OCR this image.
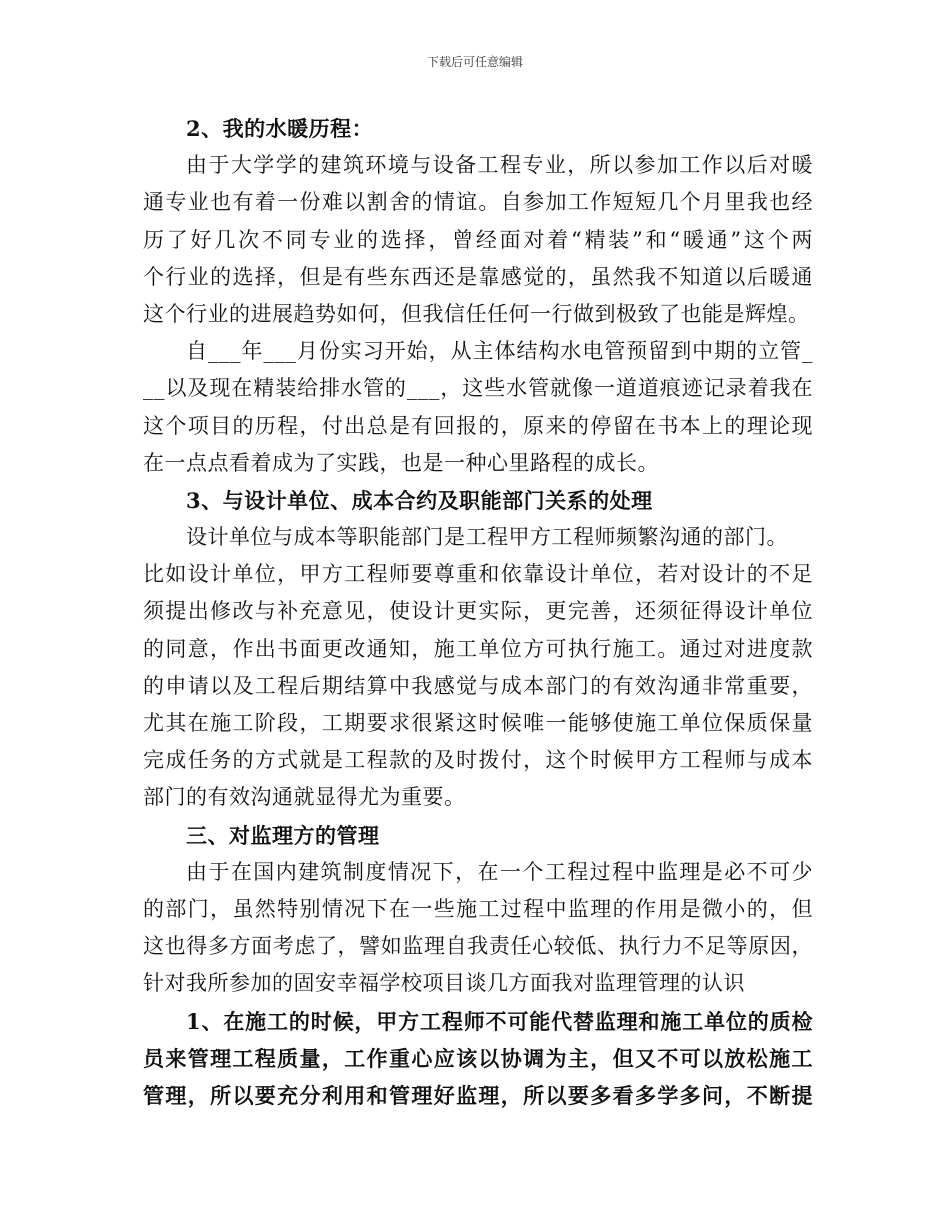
下载后可任意编辑
2、我的水暖历程：
由于大学学的建筑环境与设备工程专业，所以参加工作以后对暖
通专业也有着一份难以割舍的情谊。自参加工作短短几个月里我也经
历了好几次不同专业的选择，曾经面对着“精装”和“暖通”这个两
个行业的选择，但是有些东西还是靠感觉的，虽然我不知道以后暖通
这个行业的进展趋势如何，但我信任任何一行做到极致了也能是辉煌。
自___年___月份实习开始，从主体结构水电管预留到中期的立管_
__以及现在精装给排水管的___，这些水管就像一道道痕迹记录着我在
这个项目的历程，付出总是有回报的，原来的停留在书本上的理论现
在一点点看着成为了实践，也是一种心里路程的成长。
3、与设计单位、成本合约及职能部门关系的处理
设计单位与成本等职能部门是工程甲方工程师频繁沟通的部门。
比如设计单位，甲方工程师要尊重和依靠设计单位，若对设计的不足
须提出修改与补充意见，使设计更实际，更完善，还须征得设计单位
的同意，作出书面更改通知，施工单位方可执行施工。通过对进度款
的申请以及工程后期结算中我感觉与成本部门的有效沟通非常重要，
尤其在施工阶段，工期要求很紧这时候唯一能够使施工单位保质保量
完成任务的方式就是工程款的及时拨付，这个时候甲方工程师与成本
部门的有效沟通就显得尤为重要。
三、对监理方的管理
由于在国内建筑制度情况下，在一个工程过程中监理是必不可少
的部门，虽然特别情况下在一些施工过程中监理的作用是微小的，但
这也得多方面考虑了，譬如监理自我责任心较低、执行力不足等原因，
针对我所参加的固安幸福学校项目谈几方面我对监理管理的认识
1、在施工的时候，甲方工程师不可能代替监理和施工单位的质检
员来管理工程质量，工作重心应该以协调为主，但又不可以放松施工
管理，所以要充分利用和管理好监理，所以要多看多学多问，不断提
